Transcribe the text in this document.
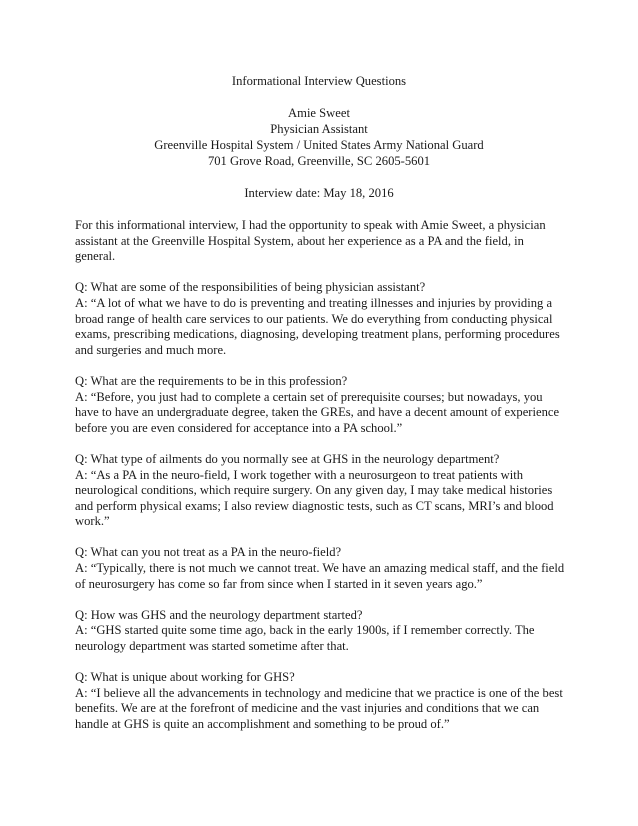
Informational Interview Questions
Amie Sweet
Physician Assistant
Greenville Hospital System / United States Army National Guard
701 Grove Road, Greenville, SC 2605-5601
Interview date: May 18, 2016

For this informational interview, I had the opportunity to speak with Amie Sweet, a physician assistant at the Greenville Hospital System, about her experience as a PA and the field, in general.

Q: What are some of the responsibilities of being physician assistant?

A: “A lot of what we have to do is preventing and treating illnesses and injuries by providing a broad range of health care services to our patients. We do everything from conducting physical exams, prescribing medications, diagnosing, developing treatment plans, performing procedures and surgeries and much more.

Q: What are the requirements to be in this profession?

A: “Before, you just had to complete a certain set of prerequisite courses; but nowadays, you have to have an undergraduate degree, taken the GREs, and have a decent amount of experience before you are even considered for acceptance into a PA school.”

Q: What type of ailments do you normally see at GHS in the neurology department?

A: “As a PA in the neuro-field, I work together with a neurosurgeon to treat patients with neurological conditions, which require surgery. On any given day, I may take medical histories and perform physical exams; I also review diagnostic tests, such as CT scans, MRI’s and blood work.”

Q: What can you not treat as a PA in the neuro-field?

A: “Typically, there is not much we cannot treat. We have an amazing medical staff, and the field of neurosurgery has come so far from since when I started in it seven years ago.”

Q: How was GHS and the neurology department started?

A: “GHS started quite some time ago, back in the early 1900s, if I remember correctly. The neurology department was started sometime after that.

Q: What is unique about working for GHS?

A: “I believe all the advancements in technology and medicine that we practice is one of the best benefits. We are at the forefront of medicine and the vast injuries and conditions that we can handle at GHS is quite an accomplishment and something to be proud of.”
